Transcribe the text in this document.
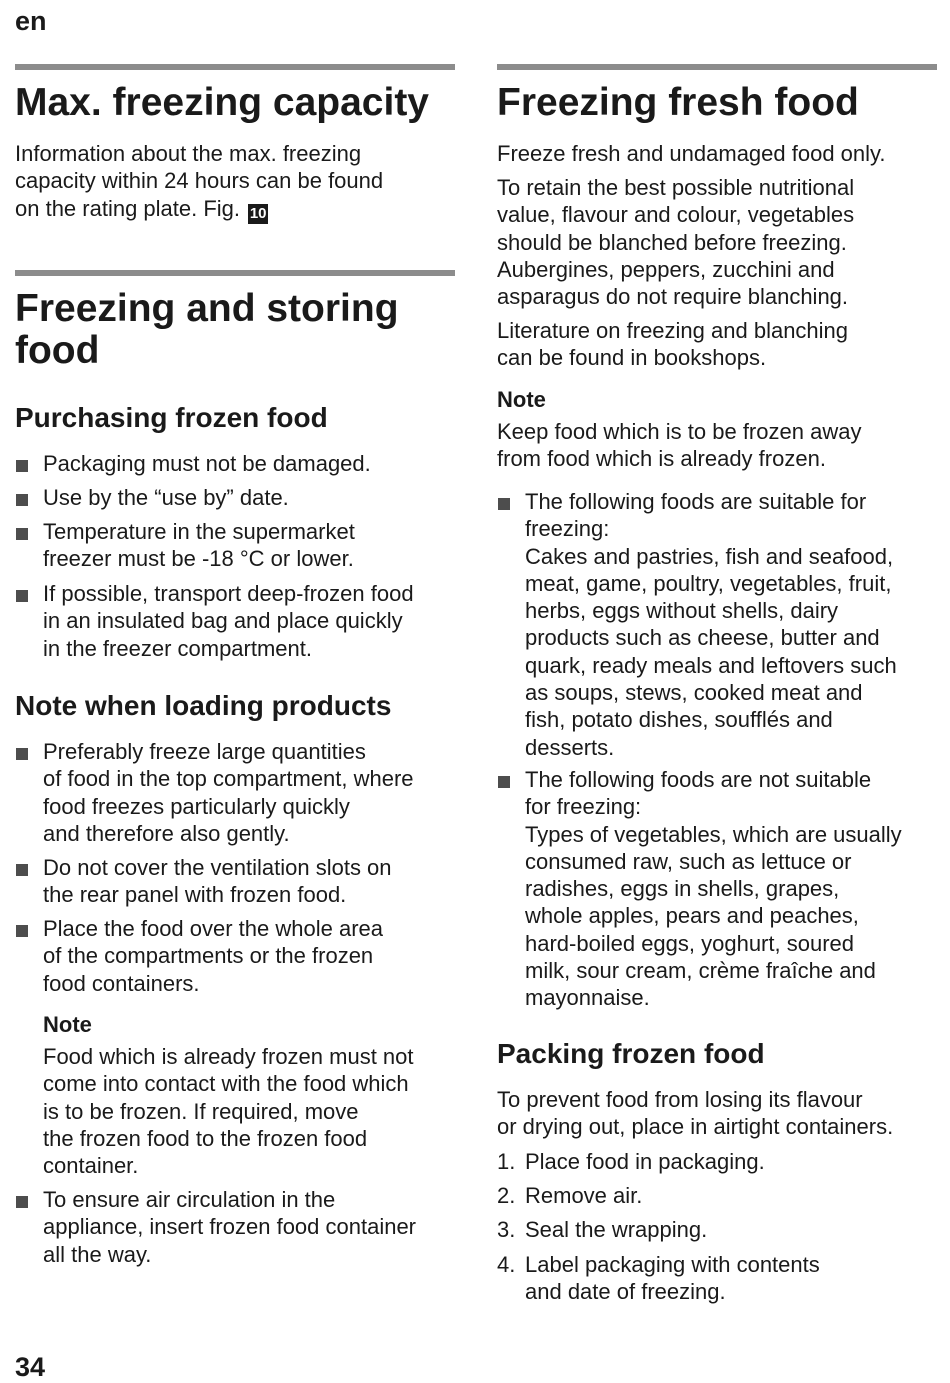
en
Max. freezing capacity

Information about the max. freezing
capacity within 24 hours can be found
on the rating plate. Fig. 10

Freezing and storing
food
Purchasing frozen food
Packaging must not be damaged.
Use by the “use by” date.
Temperature in the supermarket
freezer must be -18 °C or lower.
If possible, transport deep-frozen food
in an insulated bag and place quickly
in the freezer compartment.
Note when loading products
Preferably freeze large quantities
of food in the top compartment, where
food freezes particularly quickly
and therefore also gently.
Do not cover the ventilation slots on
the rear panel with frozen food.
Place the food over the whole area
of the compartments or the frozen
food containers.

Note

Food which is already frozen must not
come into contact with the food which
is to be frozen. If required, move
the frozen food to the frozen food
container.

To ensure air circulation in the
appliance, insert frozen food container
all the way.
Freezing fresh food

Freeze fresh and undamaged food only.

To retain the best possible nutritional
value, flavour and colour, vegetables
should be blanched before freezing.
Aubergines, peppers, zucchini and
asparagus do not require blanching.

Literature on freezing and blanching
can be found in bookshops.

Note

Keep food which is to be frozen away
from food which is already frozen.

The following foods are suitable for
freezing:
Cakes and pastries, fish and seafood,
meat, game, poultry, vegetables, fruit,
herbs, eggs without shells, dairy
products such as cheese, butter and
quark, ready meals and leftovers such
as soups, stews, cooked meat and
fish, potato dishes, soufflés and
desserts.
The following foods are not suitable
for freezing:
Types of vegetables, which are usually
consumed raw, such as lettuce or
radishes, eggs in shells, grapes,
whole apples, pears and peaches,
hard-boiled eggs, yoghurt, soured
milk, sour cream, crème fraîche and
mayonnaise.
Packing frozen food

To prevent food from losing its flavour
or drying out, place in airtight containers.

1. Place food in packaging.
2. Remove air.
3. Seal the wrapping.
4. Label packaging with contents
and date of freezing.
34
